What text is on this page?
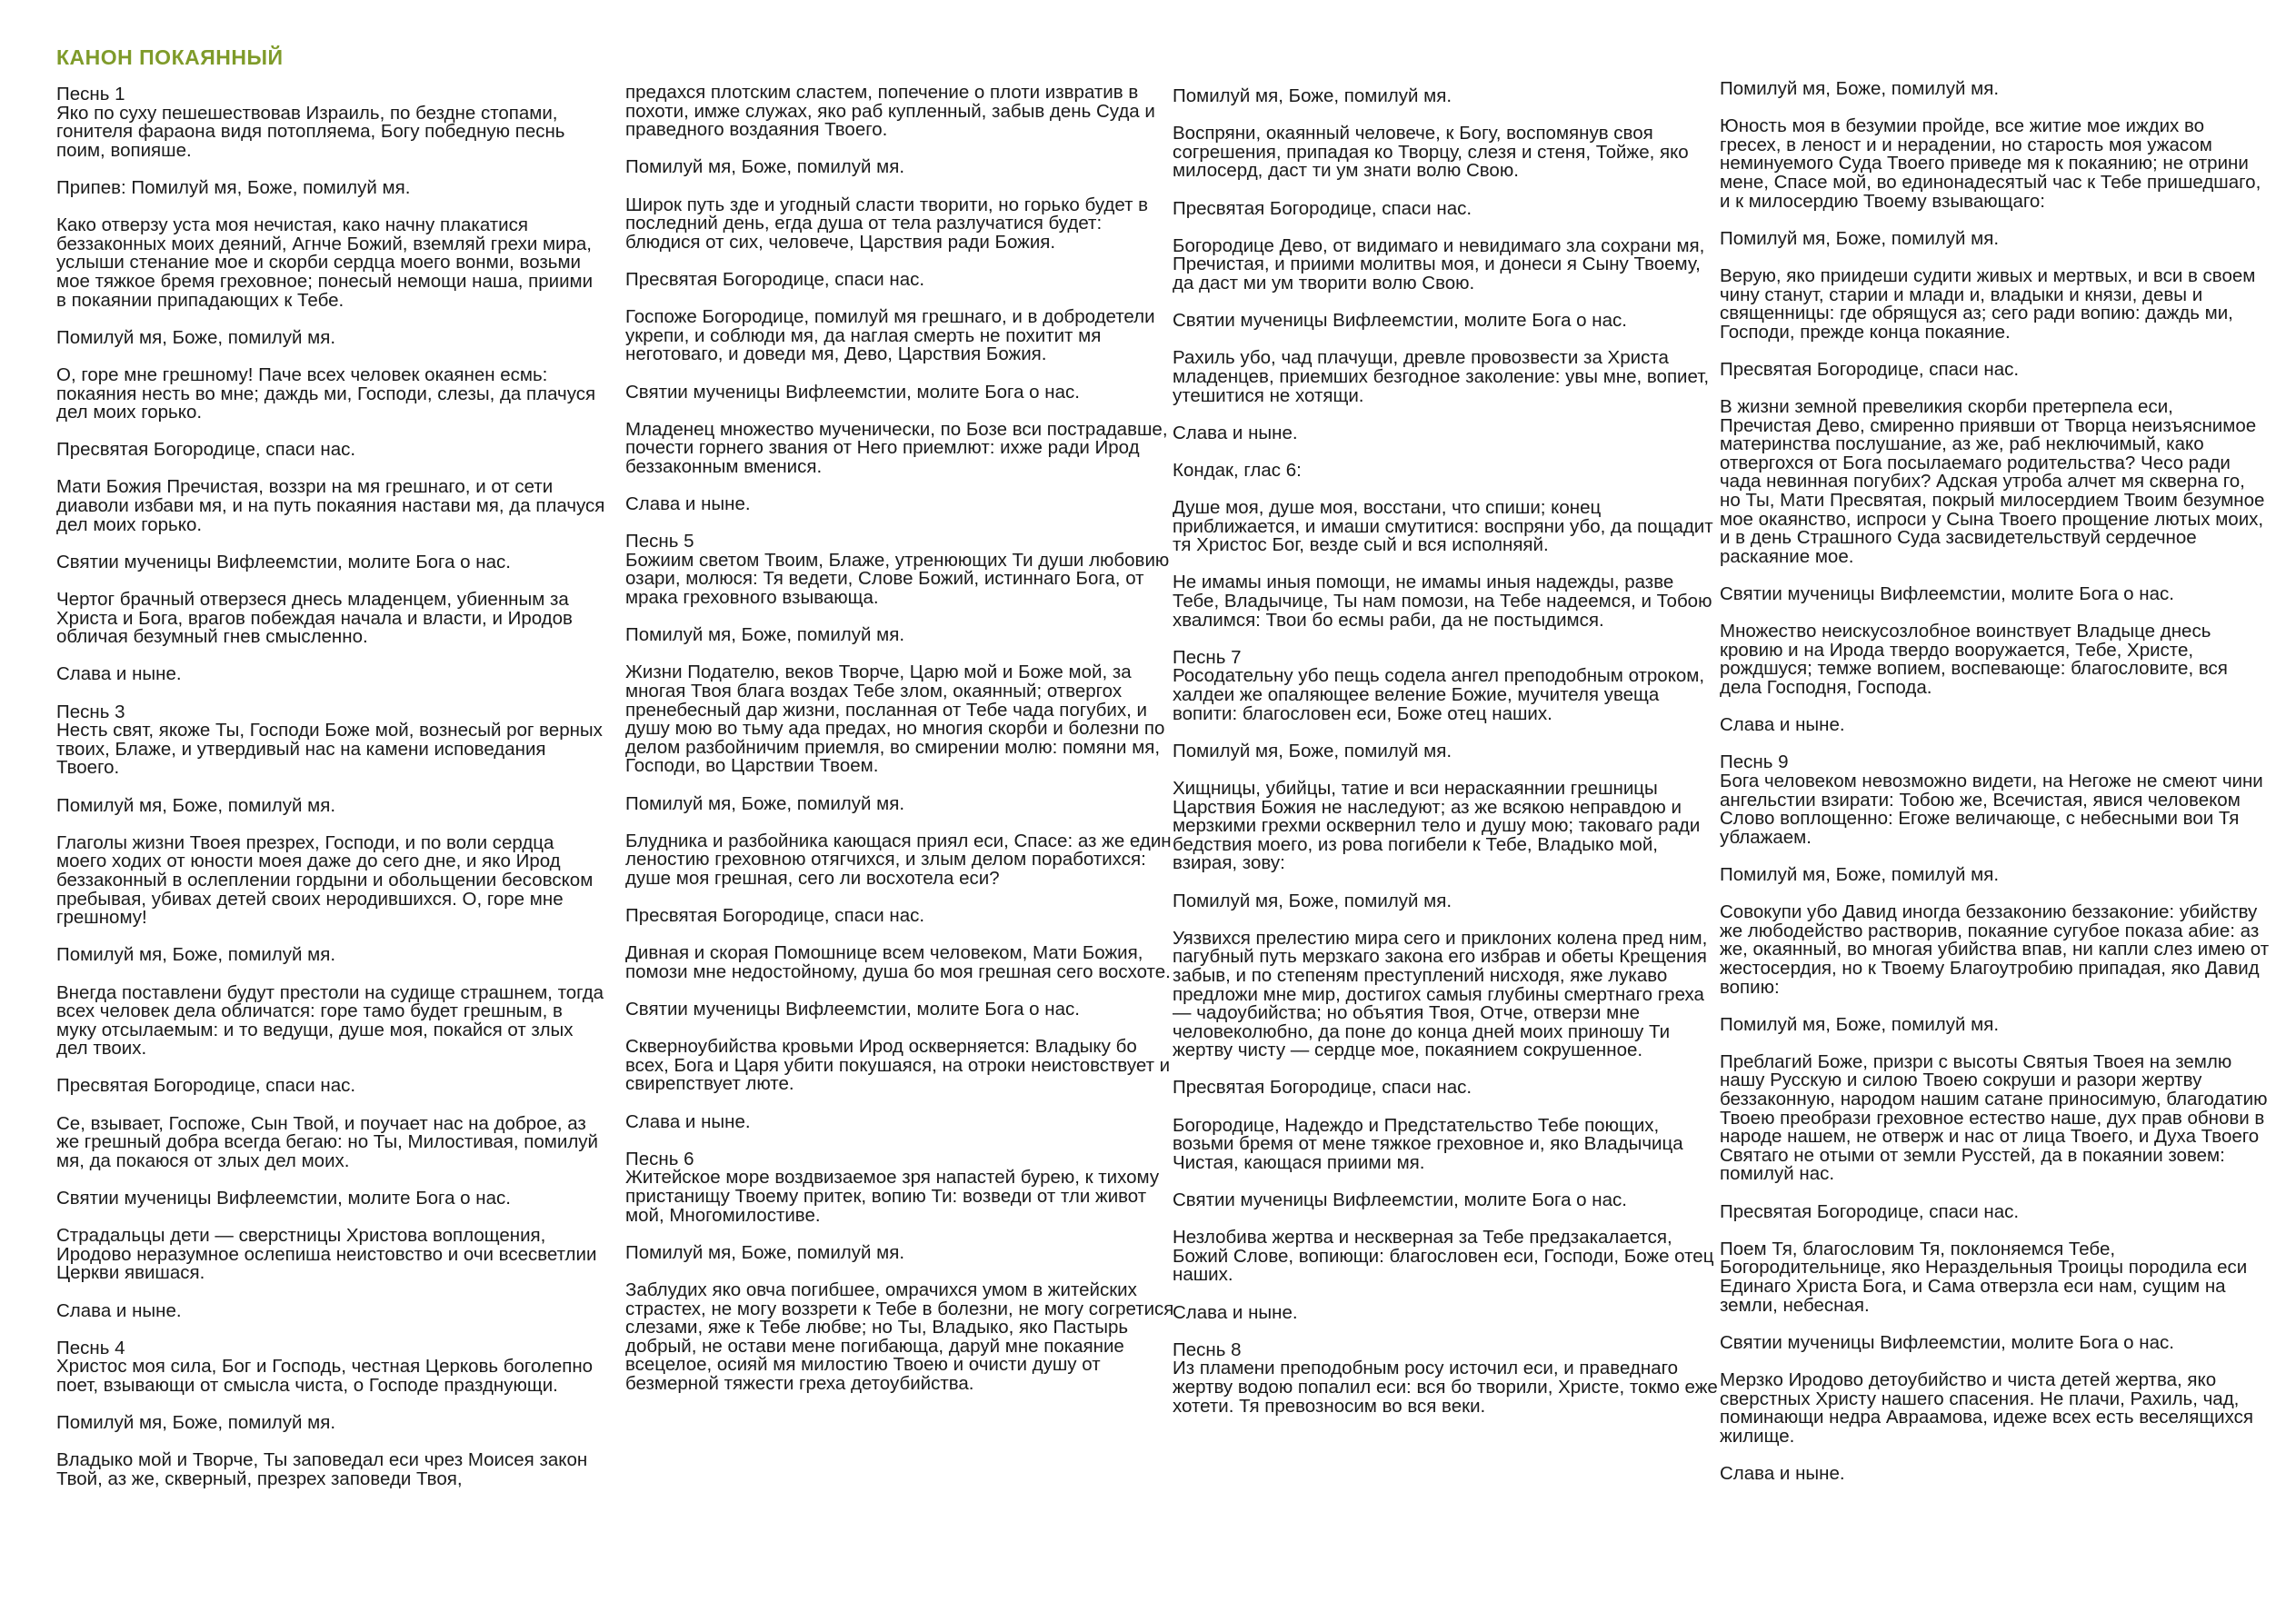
КАНОН ПОКАЯННЫЙ

Песнь 1

Яко по суху пешешествовав Израиль, по бездне стопами, гонителя фараона видя потопляема, Богу победную песнь поим, вопияше.

Припев: Помилуй мя, Боже, помилуй мя.

Како отверзу уста моя нечистая, како начну плакатися беззаконных моих деяний, Агнче Божий, вземляй грехи мира, услыши стенание мое и скорби сердца моего вонми, возьми мое тяжкое бремя греховное; понесый немощи наша, приими в покаянии припадающих к Тебе.

Помилуй мя, Боже, помилуй мя.

О, горе мне грешному! Паче всех человек окаянен есмь: покаяния несть во мне; даждь ми, Господи, слезы, да плачуся дел моих горько.

Пресвятая Богородице, спаси нас.

Мати Божия Пречистая, воззри на мя грешнаго, и от сети диаволи избави мя, и на путь покаяния настави мя, да плачуся дел моих горько.

Святии мученицы Вифлеемстии, молите Бога о нас.

Чертог брачный отверзеся днесь младенцем, убиенным за Христа и Бога, врагов побеждая начала и власти, и Иродов обличая безумный гнев смысленно.

Слава и ныне.

Песнь 3

Несть свят, якоже Ты, Господи Боже мой, вознесый рог верных твоих, Блаже, и утвердивый нас на камени исповедания Твоего.

Помилуй мя, Боже, помилуй мя.

Глаголы жизни Твоея презрех, Господи, и по воли сердца моего ходих от юности моея даже до сего дне, и яко Ирод беззаконный в ослеплении гордыни и обольщении бесовском пребывая, убивах детей своих неродившихся. О, горе мне грешному!

Помилуй мя, Боже, помилуй мя.

Внегда поставлени будут престоли на судище страшнем, тогда всех человек дела обличатся: горе тамо будет грешным, в муку отсылаемым: и то ведущи, душе моя, покайся от злых дел твоих.

Пресвятая Богородице, спаси нас.

Се, взывает, Госпоже, Сын Твой, и поучает нас на доброе, аз же грешный добра всегда бегаю: но Ты, Милостивая, помилуй мя, да покаюся от злых дел моих.

Святии мученицы Вифлеемстии, молите Бога о нас.

Страдальцы дети — сверстницы Христова воплощения, Иродово неразумное ослепиша неистовство и очи всесветлии Церкви явишася.

Слава и ныне.

Песнь 4

Христос моя сила, Бог и Господь, честная Церковь боголепно поет, взывающи от смысла чиста, о Господе празднующи.

Помилуй мя, Боже, помилуй мя.

Владыко мой и Творче, Ты заповедал еси чрез Моисея закон Твой, аз же, скверный, презрех заповеди Твоя,

предахся плотским сластем, попечение о плоти извратив в похоти, имже служах, яко раб купленный, забыв день Суда и праведного воздаяния Твоего.

Помилуй мя, Боже, помилуй мя.

Широк путь зде и угодный сласти творити, но горько будет в последний день, егда душа от тела разлучатися будет: блюдися от сих, человече, Царствия ради Божия.

Пресвятая Богородице, спаси нас.

Госпоже Богородице, помилуй мя грешнаго, и в добродетели укрепи, и соблюди мя, да наглая смерть не похитит мя неготоваго, и доведи мя, Дево, Царствия Божия.

Святии мученицы Вифлеемстии, молите Бога о нас.

Младенец множество мученически, по Бозе вси пострадавше, почести горнего звания от Него приемлют: ихже ради Ирод беззаконным вменися.

Слава и ныне.

Песнь 5

Божиим светом Твоим, Блаже, утренюющих Ти души любовию озари, молюся: Тя ведети, Слове Божий, истиннаго Бога, от мрака греховного взывающа.

Помилуй мя, Боже, помилуй мя.

Жизни Подателю, веков Творче, Царю мой и Боже мой, за многая Твоя блага воздах Тебе злом, окаянный; отвергох пренебесный дар жизни, посланная от Тебе чада погубих, и душу мою во тьму ада предах, но многия скорби и болезни по делом разбойничим приемля, во смирении молю: помяни мя, Господи, во Царствии Твоем.

Помилуй мя, Боже, помилуй мя.

Блудника и разбойника кающася приял еси, Спасе: аз же един леностию греховною отягчихся, и злым делом поработихся: душе моя грешная, сего ли восхотела еси?

Пресвятая Богородице, спаси нас.

Дивная и скорая Помошнице всем человеком, Мати Божия, помози мне недостойному, душа бо моя грешная сего восхоте.

Святии мученицы Вифлеемстии, молите Бога о нас.

Скверноубийства кровьми Ирод оскверняется: Владыку бо всех, Бога и Царя убити покушаяся, на отроки неистовствует и свирепствует люте.

Слава и ныне.

Песнь 6

Житейское море воздвизаемое зря напастей бурею, к тихому пристанищу Твоему притек, вопию Ти: возведи от тли живот мой, Многомилостиве.

Помилуй мя, Боже, помилуй мя.

Заблудих яко овча погибшее, омрачихся умом в житейских страстех, не могу воззрети к Тебе в болезни, не могу согретися слезами, яже к Тебе любве; но Ты, Владыко, яко Пастырь добрый, не остави мене погибающа, даруй мне покаяние всецелое, осияй мя милостию Твоею и очисти душу от безмерной тяжести греха детоубийства.

Помилуй мя, Боже, помилуй мя.

Воспряни, окаянный человече, к Богу, воспомянув своя согрешения, припадая ко Творцу, слезя и стеня, Тойже, яко милосерд, даст ти ум знати волю Свою.

Пресвятая Богородице, спаси нас.

Богородице Дево, от видимаго и невидимаго зла сохрани мя, Пречистая, и приими молитвы моя, и донеси я Сыну Твоему, да даст ми ум творити волю Свою.

Святии мученицы Вифлеемстии, молите Бога о нас.

Рахиль убо, чад плачущи, древле провозвести за Христа младенцев, приемших безгодное заколение: увы мне, вопиет, утешитися не хотящи.

Слава и ныне.

Кондак, глас 6:

Душе моя, душе моя, восстани, что спиши; конец приближается, и имаши смутитися: воспряни убо, да пощадит тя Христос Бог, везде сый и вся исполняяй.

Не имамы иныя помощи, не имамы иныя надежды, разве Тебе, Владычице, Ты нам помози, на Тебе надеемся, и Тобою хвалимся: Твои бо есмы раби, да не постыдимся.

Песнь 7

Росодательну убо пещь содела ангел преподобным отроком, халдеи же опаляющее веление Божие, мучителя увеща вопити: благословен еси, Боже отец наших.

Помилуй мя, Боже, помилуй мя.

Хищницы, убийцы, татие и вси нераскаяннии грешницы Царствия Божия не наследуют; аз же всякою неправдою и мерзкими грехми осквернил тело и душу мою; таковаго ради бедствия моего, из рова погибели к Тебе, Владыко мой, взирая, зову:

Помилуй мя, Боже, помилуй мя.

Уязвихся прелестию мира сего и приклоних колена пред ним, пагубный путь мерзкаго закона его избрав и обеты Крещения забыв, и по степеням преступлений нисходя, яже лукаво предложи мне мир, достигох самыя глубины смертнаго греха — чадоубийства; но объятия Твоя, Отче, отверзи мне человеколюбно, да поне до конца дней моих приношу Ти жертву чисту — сердце мое, покаянием сокрушенное.

Пресвятая Богородице, спаси нас.

Богородице, Надеждо и Предстательство Тебе поющих, возьми бремя от мене тяжкое греховное и, яко Владычица Чистая, кающася приими мя.

Святии мученицы Вифлеемстии, молите Бога о нас.

Незлобива жертва и нескверная за Тебе предзакалается, Божий Слове, вопиющи: благословен еси, Господи, Боже отец наших.

Слава и ныне.

Песнь 8

Из пламени преподобным росу источил еси, и праведнаго жертву водою попалил еси: вся бо творили, Христе, токмо еже хотети. Тя превозносим во вся веки.

Помилуй мя, Боже, помилуй мя.

Юность моя в безумии пройде, все житие мое иждих во гресех, в леност и и нерадении, но старость моя ужасом неминуемого Суда Твоего приведе мя к покаянию; не отрини мене, Спасе мой, во единонадесятый час к Тебе пришедшаго, и к милосердию Твоему взывающаго:

Помилуй мя, Боже, помилуй мя.

Верую, яко приидеши судити живых и мертвых, и вси в своем чину станут, старии и млади и, владыки и князи, девы и священницы: где обрящуся аз; сего ради вопию: даждь ми, Господи, прежде конца покаяние.

Пресвятая Богородице, спаси нас.

В жизни земной превеликия скорби претерпела еси, Пречистая Дево, смиренно приявши от Творца неизъяснимое материнства послушание, аз же, раб неключимый, како отвергохся от Бога посылаемаго родительства? Чесо ради чада невинная погубих? Адская утроба алчет мя скверна го, но Ты, Мати Пресвятая, покрый милосердием Твоим безумное мое окаянство, испроси у Сына Твоего прощение лютых моих, и в день Страшного Суда засвидетельствуй сердечное раскаяние мое.

Святии мученицы Вифлеемстии, молите Бога о нас.

Множество неискусозлобное воинствует Владыце днесь кровию и на Ирода твердо вооружается, Тебе, Христе, рождшуся; темже вопием, воспевающе: благословите, вся дела Господня, Господа.

Слава и ныне.

Песнь 9

Бога человеком невозможно видети, на Негоже не смеют чини ангельстии взирати: Тобою же, Всечистая, явися человеком Слово воплощенно: Егоже величающе, с небесными вои Тя ублажаем.

Помилуй мя, Боже, помилуй мя.

Совокупи убо Давид иногда беззаконию беззаконие: убийству же любодейство растворив, покаяние сугубое показа абие: аз же, окаянный, во многая убийства впав, ни капли слез имею от жестосердия, но к Твоему Благоутробию припадая, яко Давид вопию:

Помилуй мя, Боже, помилуй мя.

Преблагий Боже, призри с высоты Святыя Твоея на землю нашу Русскую и силою Твоею сокруши и разори жертву беззаконную, народом нашим сатане приносимую, благодатию Твоею преобрази греховное естество наше, дух прав обнови в народе нашем, не отверж и нас от лица Твоего, и Духа Твоего Святаго не отыми от земли Русстей, да в покаянии зовем: помилуй нас.

Пресвятая Богородице, спаси нас.

Поем Тя, благословим Тя, поклоняемся Тебе, Богородительнице, яко Нераздельныя Троицы породила еси Единаго Христа Бога, и Сама отверзла еси нам, сущим на земли, небесная.

Святии мученицы Вифлеемстии, молите Бога о нас.

Мерзко Иродово детоубийство и чиста детей жертва, яко сверстных Христу нашего спасения. Не плачи, Рахиль, чад, поминающи недра Авраамова, идеже всех есть веселящихся жилище.

Слава и ныне.
